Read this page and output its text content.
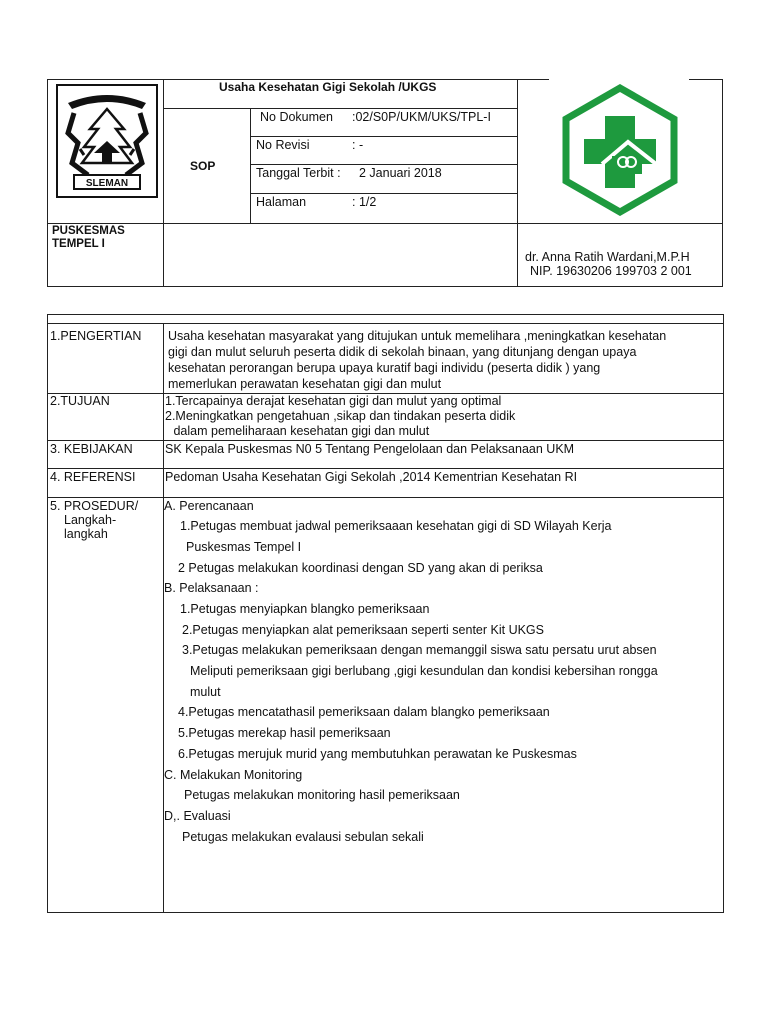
SLEMAN
Usaha Kesehatan Gigi Sekolah /UKGS
SOP
No Dokumen :02/S0P/UKM/UKS/TPL-I
No Revisi	: -
Tanggal Terbit : 2 Januari 2018
Halaman	: 1/2
PUSKESMAS
TEMPEL I
dr. Anna Ratih Wardani,M.P.H
NIP. 19630206 199703 2 001
1.PENGERTIAN Usaha kesehatan masyarakat yang ditujukan untuk memelihara ,meningkatkan kesehatan
gigi dan mulut seluruh peserta didik di sekolah binaan, yang ditunjang dengan upaya
kesehatan perorangan berupa upaya kuratif bagi individu (peserta didik ) yang
memerlukan perawatan kesehatan gigi dan mulut
2.TUJUAN	1.Tercapainya derajat kesehatan gigi dan mulut yang optimal
2.Meningkatkan pengetahuan ,sikap dan tindakan peserta didik
dalam pemeliharaan kesehatan gigi dan mulut
3. KEBIJAKAN	SK Kepala Puskesmas N0 5 Tentang Pengelolaan dan Pelaksanaan UKM
4. REFERENSI Pedoman Usaha Kesehatan Gigi Sekolah ,2014 Kementrian Kesehatan RI
5. PROSEDUR/
Langkah-
langkah
A. Perencanaan
1.Petugas membuat jadwal pemeriksaaan kesehatan gigi di SD Wilayah Kerja
Puskesmas Tempel I
2 Petugas melakukan koordinasi dengan SD yang akan di periksa
B. Pelaksanaan :
1.Petugas menyiapkan blangko pemeriksaan
2.Petugas menyiapkan alat pemeriksaan seperti senter Kit UKGS
3.Petugas melakukan pemeriksaan dengan memanggil siswa satu persatu urut absen
Meliputi pemeriksaan gigi berlubang ,gigi kesundulan dan kondisi kebersihan rongga
mulut
4.Petugas mencatathasil pemeriksaan dalam blangko pemeriksaan
5.Petugas merekap hasil pemeriksaan
6.Petugas merujuk murid yang membutuhkan perawatan ke Puskesmas
C. Melakukan Monitoring
Petugas melakukan monitoring hasil pemeriksaan
D,. Evaluasi
Petugas melakukan evalausi sebulan sekali
